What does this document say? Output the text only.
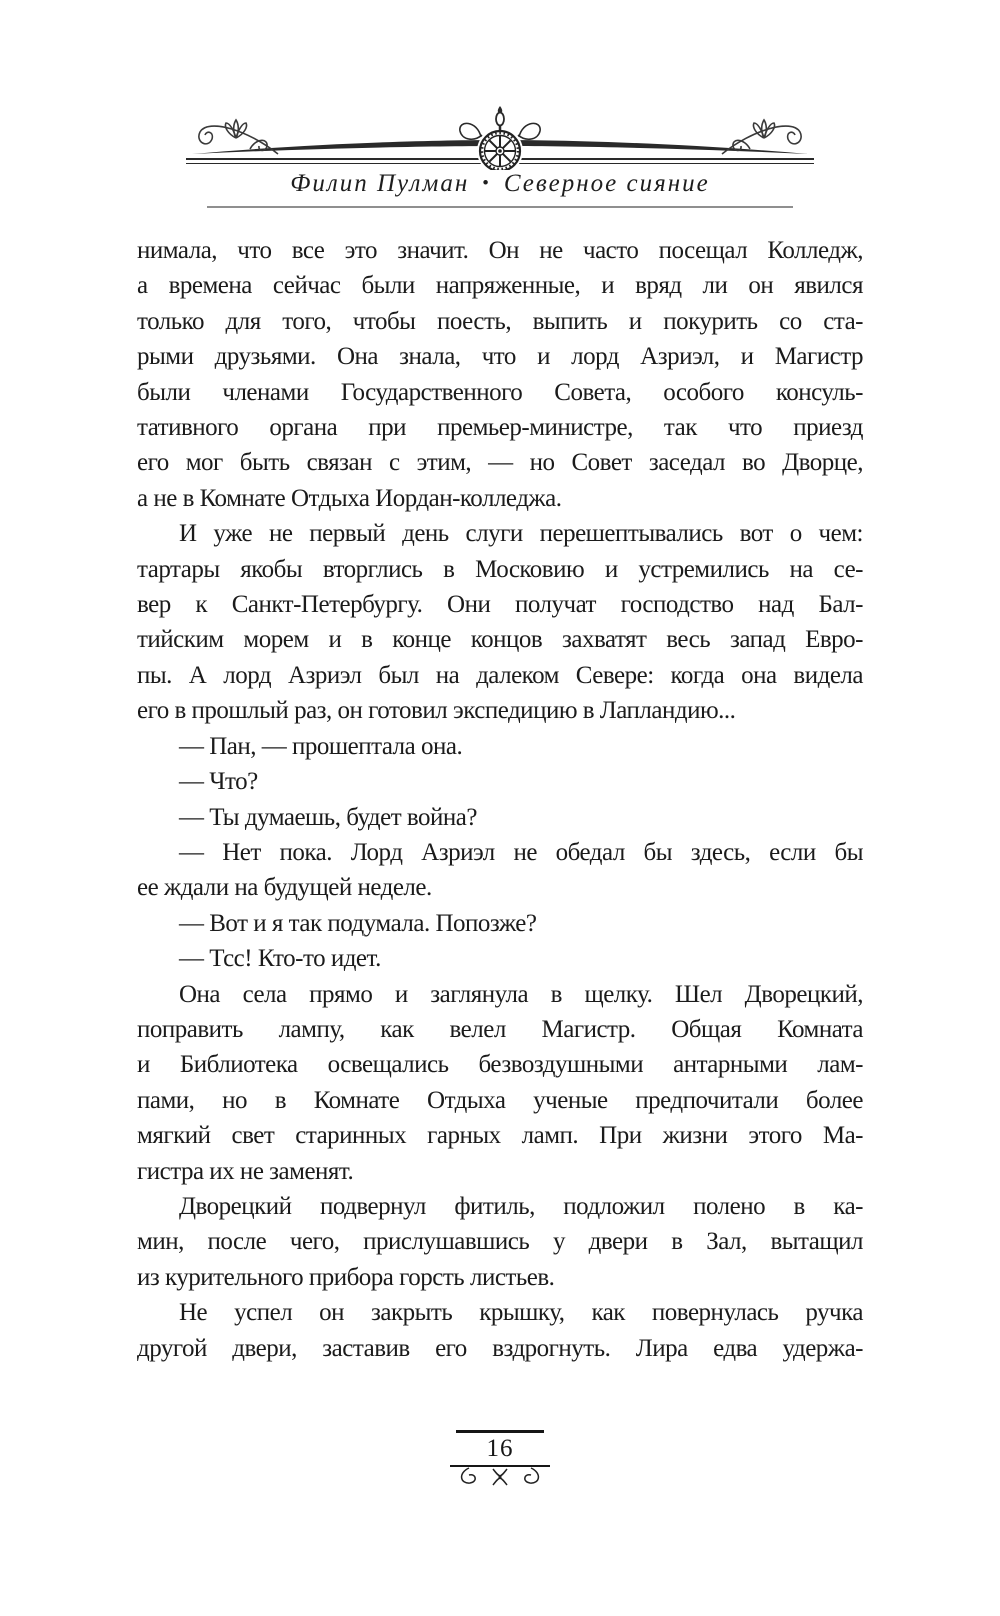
Филип Пулман • Северное сияние
нимала, что все это значит. Он не часто посещал Колледж,
а времена сейчас были напряженные, и вряд ли он явился
только для того, чтобы поесть, выпить и покурить со ста-
рыми друзьями. Она знала, что и лорд Азриэл, и Магистр
были членами Государственного Совета, особого консуль-
тативного органа при премьер-министре, так что приезд
его мог быть связан с этим, — но Совет заседал во Дворце,
а не в Комнате Отдыха Иордан-колледжа.
И уже не первый день слуги перешептывались вот о чем:
тартары якобы вторглись в Московию и устремились на се-
вер к Санкт-Петербургу. Они получат господство над Бал-
тийским морем и в конце концов захватят весь запад Евро-
пы. А лорд Азриэл был на далеком Севере: когда она видела
его в прошлый раз, он готовил экспедицию в Лапландию...
— Пан, — прошептала она.
— Что?
— Ты думаешь, будет война?
— Нет пока. Лорд Азриэл не обедал бы здесь, если бы
ее ждали на будущей неделе.
— Вот и я так подумала. Попозже?
— Тсс! Кто-то идет.
Она села прямо и заглянула в щелку. Шел Дворецкий,
поправить лампу, как велел Магистр. Общая Комната
и Библиотека освещались безвоздушными антарными лам-
пами, но в Комнате Отдыха ученые предпочитали более
мягкий свет старинных гарных ламп. При жизни этого Ма-
гистра их не заменят.
Дворецкий подвернул фитиль, подложил полено в ка-
мин, после чего, прислушавшись у двери в Зал, вытащил
из курительного прибора горсть листьев.
Не успел он закрыть крышку, как повернулась ручка
другой двери, заставив его вздрогнуть. Лира едва удержа-
16
